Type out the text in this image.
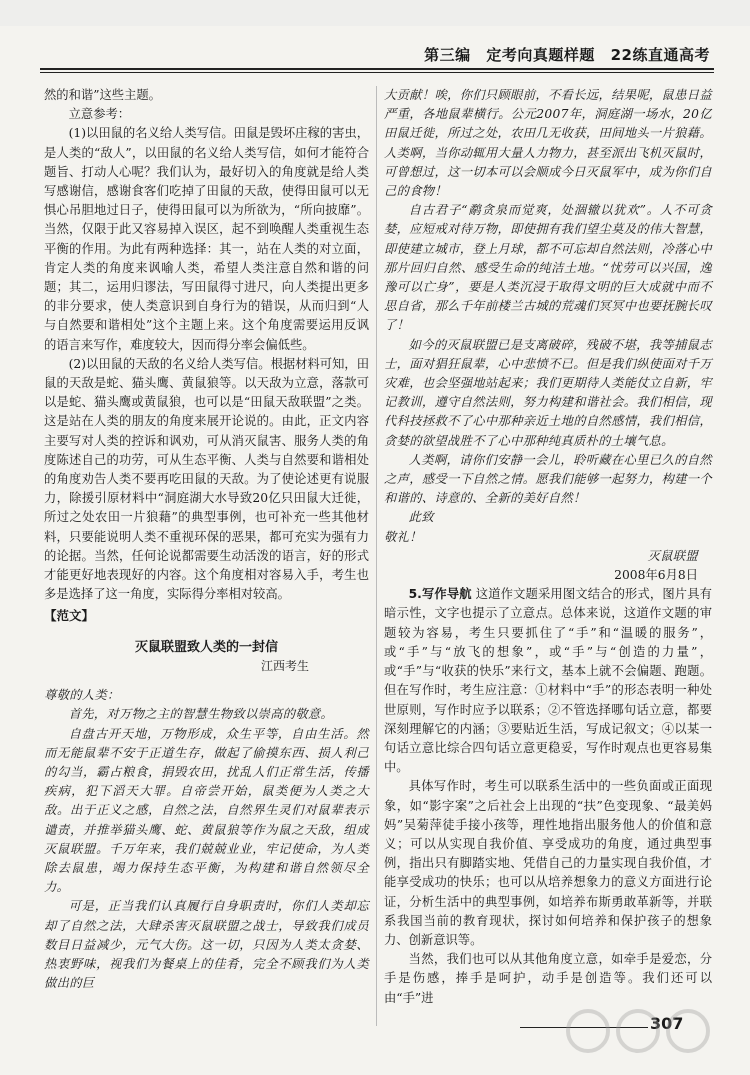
第三编 定考向真题样题 22练直通高考

然的和谐”这些主题。

立意参考：

(1)以田鼠的名义给人类写信。田鼠是毁坏庄稼的害虫，是人类的“敌人”，以田鼠的名义给人类写信，如何才能符合题旨、打动人心呢？我们认为，最好切入的角度就是给人类写感谢信，感谢食客们吃掉了田鼠的天敌，使得田鼠可以无惧心吊胆地过日子，使得田鼠可以为所欲为，“所向披靡”。当然，仅限于此又容易掉入误区，起不到唤醒人类重视生态平衡的作用。为此有两种选择：其一，站在人类的对立面，肯定人类的角度来讽喻人类，希望人类注意自然和谐的问题；其二，运用归谬法，写田鼠得寸进尺，向人类提出更多的非分要求，使人类意识到自身行为的错误，从而归到“人与自然要和谐相处”这个主题上来。这个角度需要运用反讽的语言来写作，难度较大，因而得分率会偏低些。

(2)以田鼠的天敌的名义给人类写信。根据材料可知，田鼠的天敌是蛇、猫头鹰、黄鼠狼等。以天敌为立意，落款可以是蛇、猫头鹰或黄鼠狼，也可以是“田鼠天敌联盟”之类。这是站在人类的朋友的角度来展开论说的。由此，正文内容主要写对人类的控诉和讽劝，可从消灭鼠害、服务人类的角度陈述自己的功劳，可从生态平衡、人类与自然要和谐相处的角度劝告人类不要再吃田鼠的天敌。为了使论述更有说服力，除援引原材料中“洞庭湖大水导致20亿只田鼠大迁徙，所过之处农田一片狼藉”的典型事例，也可补充一些其他材料，只要能说明人类不重视环保的恶果，都可充实为强有力的论据。当然，任何论说都需要生动活泼的语言，好的形式才能更好地表现好的内容。这个角度相对容易入手，考生也多是选择了这一角度，实际得分率相对较高。

【范文】
灭鼠联盟致人类的一封信
江西考生

尊敬的人类：

首先，对万物之主的智慧生物致以崇高的敬意。

自盘古开天地，万物形成，众生平等，自由生活。然而无能鼠辈不安于正道生存，做起了偷摸东西、损人利己的勾当，霸占粮食，捐毁农田，扰乱人们正常生活，传播疾病，犯下滔天大罪。自帝尝开始，鼠类便为人类之大敌。出于正义之感，自然之法，自然界生灵们对鼠辈表示谴责，并推举猫头鹰、蛇、黄鼠狼等作为鼠之天敌，组成灭鼠联盟。千万年来，我们兢兢业业，牢记使命，为人类除去鼠患，竭力保持生态平衡，为构建和谐自然领尽全力。

可是，正当我们认真履行自身职责时，你们人类却忘却了自然之法，大肆杀害灭鼠联盟之战士，导致我们成员数目日益减少，元气大伤。这一切，只因为人类太贪婪、热衷野味，视我们为餐桌上的佳肴，完全不顾我们为人类做出的巨

大贡献！唉，你们只顾眼前，不看长远，结果呢，鼠患日益严重，各地鼠辈横行。公元2007年，洞庭湖一场水，20亿田鼠迁徙，所过之处，农田几无收获，田间地头一片狼藉。人类啊，当你动辄用大量人力物力，甚至派出飞机灭鼠时，可曾想过，这一切本可以会顺成今日灭鼠军中，成为你们自己的食物！

自古君子“鹬贪泉而觉爽，处涸辙以犹欢”。人不可贪婪，应短戒对待万物，即使拥有我们望尘莫及的伟大智慧，即使建立城市，登上月球，都不可忘却自然法则，冷落心中那片回归自然、感受生命的纯洁土地。“忧劳可以兴国，逸豫可以亡身”，要是人类沉浸于取得文明的巨大成就中而不思自省，那么千年前楼兰古城的荒魂们冥冥中也要抚腕长叹了！

如今的灭鼠联盟已是支离破碎，残破不堪，我等捕鼠志士，面对猖狂鼠辈，心中悲愤不已。但是我们纵使面对千万灾难，也会坚强地站起来；我们更期待人类能仗立自新，牢记教训，遵守自然法则，努力构建和谐社会。我们相信，现代科技拯救不了心中那种亲近土地的自然感情，我们相信，贪婪的欲望战胜不了心中那种纯真质朴的土壤气息。

人类啊，请你们安静一会儿，聆听藏在心里已久的自然之声，感受一下自然之情。愿我们能够一起努力，构建一个和谐的、诗意的、全新的美好自然！

此致

敬礼！

灭鼠联盟

2008年6月8日

5.写作导航 这道作文题采用图文结合的形式，图片具有暗示性，文字也提示了立意点。总体来说，这道作文题的审题较为容易，考生只要抓住了“手”和“温暖的服务”，或“手”与“放飞的想象”，或“手”与“创造的力量”，或“手”与“收获的快乐”来行文，基本上就不会偏题、跑题。但在写作时，考生应注意：①材料中“手”的形态表明一种处世原则，写作时应予以联系；②不管选择哪句话立意，都要深刻理解它的内涵；③要贴近生活，写成记叙文；④以某一句话立意比综合四句话立意更稳妥，写作时观点也更容易集中。

具体写作时，考生可以联系生活中的一些负面或正面现象，如“影字案”之后社会上出现的“扶”色变现象、“最美妈妈”吴菊萍徒手接小孩等，理性地指出服务他人的价值和意义；可以从实现自我价值、享受成功的角度，通过典型事例，指出只有脚踏实地、凭借自己的力量实现自我价值，才能享受成功的快乐；也可以从培养想象力的意义方面进行论证，分析生活中的典型事例，如培养布斯勇敢革新等，并联系我国当前的教育现状，探讨如何培养和保护孩子的想象力、创新意识等。

当然，我们也可以从其他角度立意，如牵手是爱恋，分手是伤感，捧手是呵护，动手是创造等。我们还可以由“手”进

307
